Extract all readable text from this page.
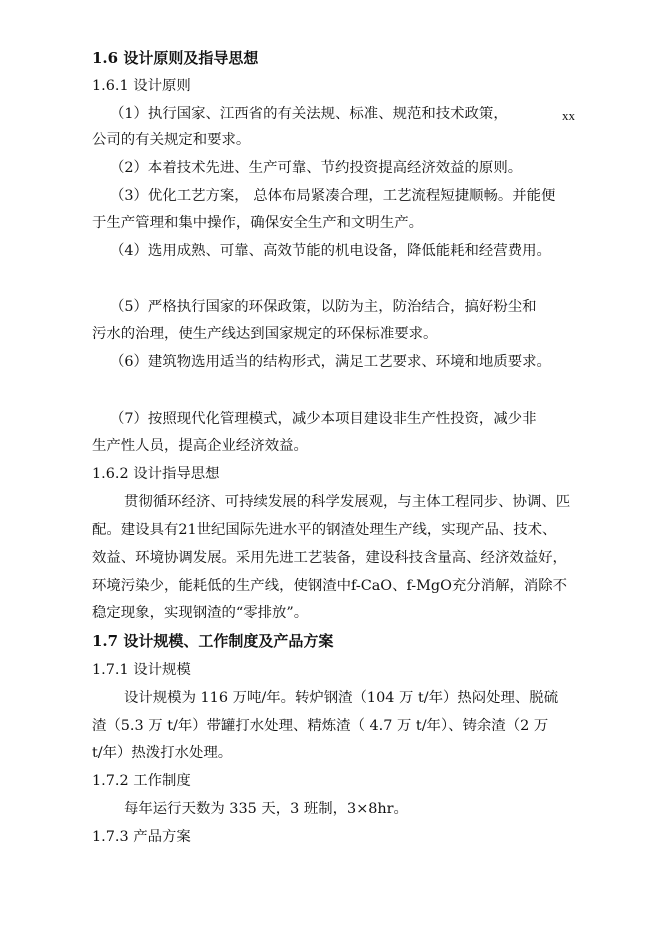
1.6 设计原则及指导思想
1.6.1 设计原则
（1）执行国家、江西省的有关法规、标准、规范和技术政策，	xx
公司的有关规定和要求。
（2）本着技术先进、生产可靠、节约投资提高经济效益的原则。
（3）优化工艺方案， 总体布局紧凑合理，工艺流程短捷顺畅。并能便
于生产管理和集中操作，确保安全生产和文明生产。
（4）选用成熟、可靠、高效节能的机电设备，降低能耗和经营费用。
（5）严格执行国家的环保政策，以防为主，防治结合，搞好粉尘和
污水的治理，使生产线达到国家规定的环保标准要求。
（6）建筑物选用适当的结构形式，满足工艺要求、环境和地质要求。
（7）按照现代化管理模式，减少本项目建设非生产性投资，减少非
生产性人员，提高企业经济效益。
1.6.2 设计指导思想
贯彻循环经济、可持续发展的科学发展观，与主体工程同步、协调、匹
配。建设具有21世纪国际先进水平的钢渣处理生产线，实现产品、技术、
效益、环境协调发展。采用先进工艺装备，建设科技含量高、经济效益好，
环境污染少，能耗低的生产线，使钢渣中f-CaO、f-MgO充分消解，消除不
稳定现象，实现钢渣的“零排放”。
1.7 设计规模、工作制度及产品方案
1.7.1 设计规模
设计规模为 116 万吨/年。转炉钢渣（104 万 t/年）热闷处理、脱硫
渣（5.3 万 t/年）带罐打水处理、精炼渣（ 4.7 万 t/年）、铸余渣（2 万
t/年）热泼打水处理。
1.7.2 工作制度
每年运行天数为 335 天，3 班制，3×8hr。
1.7.3 产品方案
